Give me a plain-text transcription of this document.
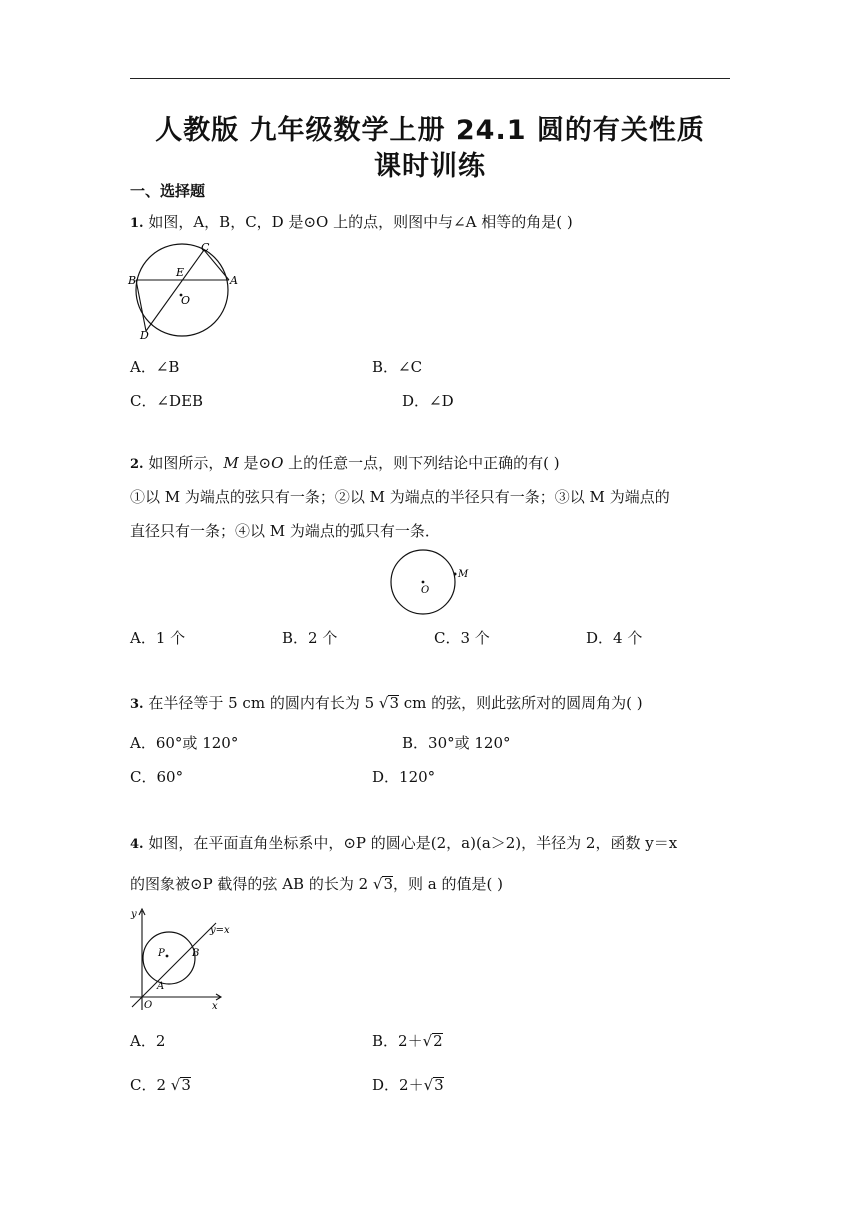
人教版 九年级数学上册 24.1 圆的有关性质
课时训练
一、选择题
1. 如图，A，B，C，D 是⊙O 上的点，则图中与∠A 相等的角是( )
B
C
E
A
O
D
A．∠B	B．∠C
C．∠DEB	D．∠D
2. 如图所示，M 是⊙O 上的任意一点，则下列结论中正确的有( )
①以 M 为端点的弦只有一条；②以 M 为端点的半径只有一条；③以 M 为端点的
直径只有一条；④以 M 为端点的弧只有一条．
O
M
A．1 个	B．2 个	C．3 个	D．4 个
3. 在半径等于 5 cm 的圆内有长为 5 √3 cm 的弦，则此弦所对的圆周角为( )
A．60°或 120°	B．30°或 120°
C．60°	D．120°
4. 如图，在平面直角坐标系中，⊙P 的圆心是(2，a)(a＞2)，半径为 2，函数 y＝x
的图象被⊙P 截得的弦 AB 的长为 2 √3，则 a 的值是( )
y
x
y=x
P	B
A
O
A．2	B．2＋√2
C．2 √3	D．2＋√3
